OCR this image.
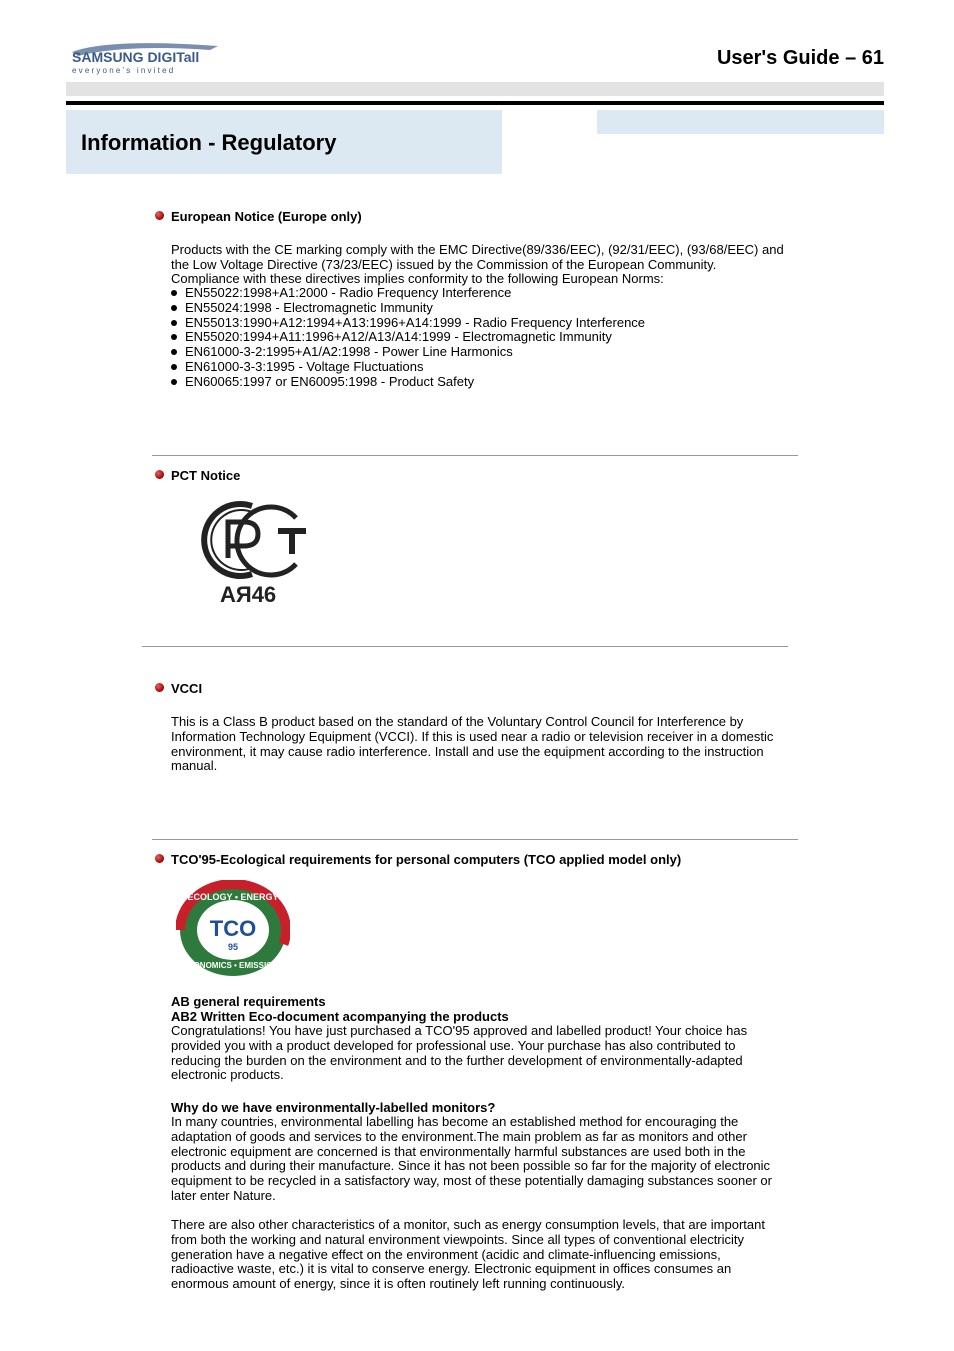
SAMSUNG DIGITall
everyone's invited
User's Guide – 61
Information - Regulatory
European Notice (Europe only)
Products with the CE marking comply with the EMC Directive(89/336/EEC), (92/31/EEC), (93/68/EEC) and the Low Voltage Directive (73/23/EEC) issued by the Commission of the European Community.
Compliance with these directives implies conformity to the following European Norms:
EN55022:1998+A1:2000 - Radio Frequency Interference
EN55024:1998 - Electromagnetic Immunity
EN55013:1990+A12:1994+A13:1996+A14:1999 - Radio Frequency Interference
EN55020:1994+A11:1996+A12/A13/A14:1999 - Electromagnetic Immunity
EN61000-3-2:1995+A1/A2:1998 - Power Line Harmonics
EN61000-3-3:1995 - Voltage Fluctuations
EN60065:1997 or EN60095:1998 - Product Safety
PCT Notice
АЯ46
VCCI
This is a Class B product based on the standard of the Voluntary Control Council for Interference by Information Technology Equipment (VCCI). If this is used near a radio or television receiver in a domestic environment, it may cause radio interference. Install and use the equipment according to the instruction manual.
TCO'95-Ecological requirements for personal computers (TCO applied model only)
ECOLOGY • ENERGY
ECONOMICS • EMISSIONS
TCO
95
AB general requirements
AB2 Written Eco-document acompanying the products
Congratulations! You have just purchased a TCO'95 approved and labelled product! Your choice has provided you with a product developed for professional use. Your purchase has also contributed to reducing the burden on the environment and to the further development of environmentally-adapted electronic products.
Why do we have environmentally-labelled monitors?
In many countries, environmental labelling has become an established method for encouraging the adaptation of goods and services to the environment.The main problem as far as monitors and other electronic equipment are concerned is that environmentally harmful substances are used both in the products and during their manufacture. Since it has not been possible so far for the majority of electronic equipment to be recycled in a satisfactory way, most of these potentially damaging substances sooner or later enter Nature.
There are also other characteristics of a monitor, such as energy consumption levels, that are important from both the working and natural environment viewpoints. Since all types of conventional electricity generation have a negative effect on the environment (acidic and climate-influencing emissions, radioactive waste, etc.) it is vital to conserve energy. Electronic equipment in offices consumes an enormous amount of energy, since it is often routinely left running continuously.
